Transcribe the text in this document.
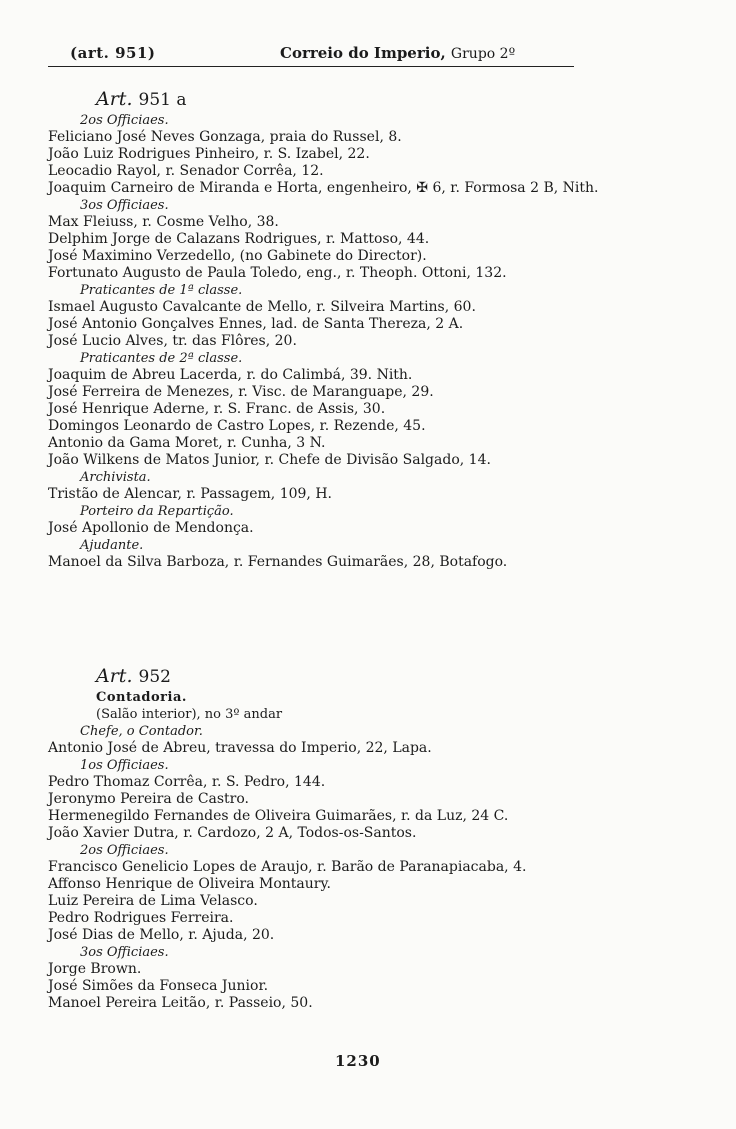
(art. 951)	Correio do Imperio, Grupo 2º
Art. 951 a
2os Officiaes.
Feliciano José Neves Gonzaga, praia do Russel, 8.
João Luiz Rodrigues Pinheiro, r. S. Izabel, 22.
Leocadio Rayol, r. Senador Corrêa, 12.
Joaquim Carneiro de Miranda e Horta, engenheiro, ✠ 6, r. Formosa 2 B, Nith.
3os Officiaes.
Max Fleiuss, r. Cosme Velho, 38.
Delphim Jorge de Calazans Rodrigues, r. Mattoso, 44.
José Maximino Verzedello, (no Gabinete do Director).
Fortunato Augusto de Paula Toledo, eng., r. Theoph. Ottoni, 132.
Praticantes de 1ª classe.
Ismael Augusto Cavalcante de Mello, r. Silveira Martins, 60.
José Antonio Gonçalves Ennes, lad. de Santa Thereza, 2 A.
José Lucio Alves, tr. das Flôres, 20.
Praticantes de 2ª classe.
Joaquim de Abreu Lacerda, r. do Calimbá, 39. Nith.
José Ferreira de Menezes, r. Visc. de Maranguape, 29.
José Henrique Aderne, r. S. Franc. de Assis, 30.
Domingos Leonardo de Castro Lopes, r. Rezende, 45.
Antonio da Gama Moret, r. Cunha, 3 N.
João Wilkens de Matos Junior, r. Chefe de Divisão Salgado, 14.
Archivista.
Tristão de Alencar, r. Passagem, 109, H.
Porteiro da Repartição.
José Apollonio de Mendonça.
Ajudante.
Manoel da Silva Barboza, r. Fernandes Guimarães, 28, Botafogo.
Art. 952
Contadoria.
(Salão interior), no 3º andar
Chefe, o Contador.
Antonio José de Abreu, travessa do Imperio, 22, Lapa.
1os Officiaes.
Pedro Thomaz Corrêa, r. S. Pedro, 144.
Jeronymo Pereira de Castro.
Hermenegildo Fernandes de Oliveira Guimarães, r. da Luz, 24 C.
João Xavier Dutra, r. Cardozo, 2 A, Todos-os-Santos.
2os Officiaes.
Francisco Genelicio Lopes de Araujo, r. Barão de Paranapiacaba, 4.
Affonso Henrique de Oliveira Montaury.
Luiz Pereira de Lima Velasco.
Pedro Rodrigues Ferreira.
José Dias de Mello, r. Ajuda, 20.
3os Officiaes.
Jorge Brown.
José Simões da Fonseca Junior.
Manoel Pereira Leitão, r. Passeio, 50.
1230
